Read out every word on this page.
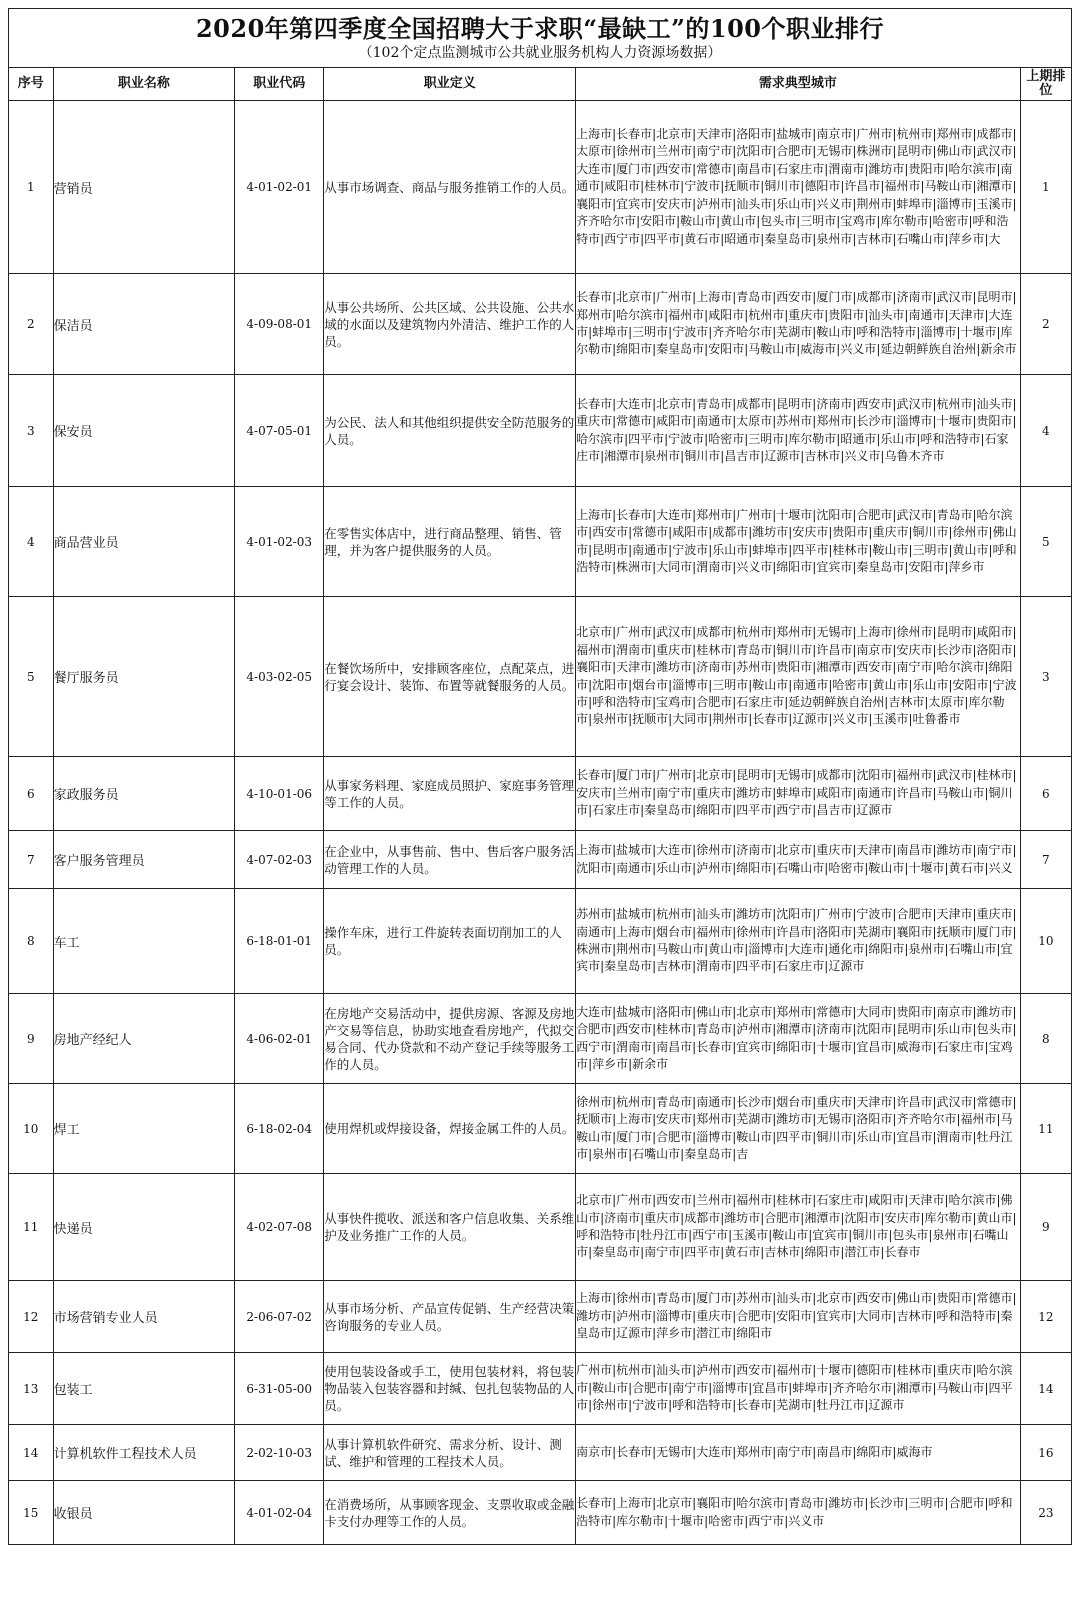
2020年第四季度全国招聘大于求职“最缺工”的100个职业排行
（102个定点监测城市公共就业服务机构人力资源场数据）					

序号	职业名称	职业代码	职业定义	需求典型城市	上期排位
1	营销员	4-01-02-01	从事市场调查、商品与服务推销工作的人员。	上海市|长春市|北京市|天津市|洛阳市|盐城市|南京市|广州市|杭州市|郑州市|成都市|太原市|徐州市|兰州市|南宁市|沈阳市|合肥市|无锡市|株洲市|昆明市|佛山市|武汉市|大连市|厦门市|西安市|常德市|南昌市|石家庄市|渭南市|潍坊市|贵阳市|哈尔滨市|南通市|咸阳市|桂林市|宁波市|抚顺市|铜川市|德阳市|许昌市|福州市|马鞍山市|湘潭市|襄阳市|宜宾市|安庆市|泸州市|汕头市|乐山市|兴义市|荆州市|蚌埠市|淄博市|玉溪市|齐齐哈尔市|安阳市|鞍山市|黄山市|包头市|三明市|宝鸡市|库尔勒市|哈密市|呼和浩特市|西宁市|四平市|黄石市|昭通市|秦皇岛市|泉州市|吉林市|石嘴山市|萍乡市|大	1
2	保洁员	4-09-08-01	从事公共场所、公共区域、公共设施、公共水域的水面以及建筑物内外清洁、维护工作的人员。	长春市|北京市|广州市|上海市|青岛市|西安市|厦门市|成都市|济南市|武汉市|昆明市|郑州市|哈尔滨市|福州市|咸阳市|杭州市|重庆市|贵阳市|汕头市|南通市|天津市|大连市|蚌埠市|三明市|宁波市|齐齐哈尔市|芜湖市|鞍山市|呼和浩特市|淄博市|十堰市|库尔勒市|绵阳市|秦皇岛市|安阳市|马鞍山市|威海市|兴义市|延边朝鲜族自治州|新余市	2
3	保安员	4-07-05-01	为公民、法人和其他组织提供安全防范服务的人员。	长春市|大连市|北京市|青岛市|成都市|昆明市|济南市|西安市|武汉市|杭州市|汕头市|重庆市|常德市|咸阳市|南通市|太原市|苏州市|郑州市|长沙市|淄博市|十堰市|贵阳市|哈尔滨市|四平市|宁波市|哈密市|三明市|库尔勒市|昭通市|乐山市|呼和浩特市|石家庄市|湘潭市|泉州市|铜川市|昌吉市|辽源市|吉林市|兴义市|乌鲁木齐市	4
4	商品营业员	4-01-02-03	在零售实体店中，进行商品整理、销售、管理，并为客户提供服务的人员。	上海市|长春市|大连市|郑州市|广州市|十堰市|沈阳市|合肥市|武汉市|青岛市|哈尔滨市|西安市|常德市|咸阳市|成都市|潍坊市|安庆市|贵阳市|重庆市|铜川市|徐州市|佛山市|昆明市|南通市|宁波市|乐山市|蚌埠市|四平市|桂林市|鞍山市|三明市|黄山市|呼和浩特市|株洲市|大同市|渭南市|兴义市|绵阳市|宜宾市|秦皇岛市|安阳市|萍乡市	5
5	餐厅服务员	4-03-02-05	在餐饮场所中，安排顾客座位，点配菜点，进行宴会设计、装饰、布置等就餐服务的人员。	北京市|广州市|武汉市|成都市|杭州市|郑州市|无锡市|上海市|徐州市|昆明市|咸阳市|福州市|渭南市|重庆市|桂林市|青岛市|铜川市|许昌市|南京市|安庆市|长沙市|洛阳市|襄阳市|天津市|潍坊市|济南市|苏州市|贵阳市|湘潭市|西安市|南宁市|哈尔滨市|绵阳市|沈阳市|烟台市|淄博市|三明市|鞍山市|南通市|哈密市|黄山市|乐山市|安阳市|宁波市|呼和浩特市|宝鸡市|合肥市|石家庄市|延边朝鲜族自治州|吉林市|太原市|库尔勒市|泉州市|抚顺市|大同市|荆州市|长春市|辽源市|兴义市|玉溪市|吐鲁番市	3
6	家政服务员	4-10-01-06	从事家务料理、家庭成员照护、家庭事务管理等工作的人员。	长春市|厦门市|广州市|北京市|昆明市|无锡市|成都市|沈阳市|福州市|武汉市|桂林市|安庆市|兰州市|南宁市|重庆市|潍坊市|蚌埠市|咸阳市|南通市|许昌市|马鞍山市|铜川市|石家庄市|秦皇岛市|绵阳市|四平市|西宁市|昌吉市|辽源市	6
7	客户服务管理员	4-07-02-03	在企业中，从事售前、售中、售后客户服务活动管理工作的人员。	上海市|盐城市|大连市|徐州市|济南市|北京市|重庆市|天津市|南昌市|潍坊市|南宁市|沈阳市|南通市|乐山市|泸州市|绵阳市|石嘴山市|哈密市|鞍山市|十堰市|黄石市|兴义	7
8	车工	6-18-01-01	操作车床，进行工件旋转表面切削加工的人员。	苏州市|盐城市|杭州市|汕头市|潍坊市|沈阳市|广州市|宁波市|合肥市|天津市|重庆市|南通市|上海市|烟台市|福州市|徐州市|许昌市|洛阳市|芜湖市|襄阳市|抚顺市|厦门市|株洲市|荆州市|马鞍山市|黄山市|淄博市|大连市|通化市|绵阳市|泉州市|石嘴山市|宜宾市|秦皇岛市|吉林市|渭南市|四平市|石家庄市|辽源市	10
9	房地产经纪人	4-06-02-01	在房地产交易活动中，提供房源、客源及房地产交易等信息，协助实地查看房地产，代拟交易合同、代办贷款和不动产登记手续等服务工作的人员。	大连市|盐城市|洛阳市|佛山市|北京市|郑州市|常德市|大同市|贵阳市|南京市|潍坊市|合肥市|西安市|桂林市|青岛市|泸州市|湘潭市|济南市|沈阳市|昆明市|乐山市|包头市|西宁市|渭南市|南昌市|长春市|宜宾市|绵阳市|十堰市|宜昌市|威海市|石家庄市|宝鸡市|萍乡市|新余市	8
10	焊工	6-18-02-04	使用焊机或焊接设备，焊接金属工件的人员。	徐州市|杭州市|青岛市|南通市|长沙市|烟台市|重庆市|天津市|许昌市|武汉市|常德市|抚顺市|上海市|安庆市|郑州市|芜湖市|潍坊市|无锡市|洛阳市|齐齐哈尔市|福州市|马鞍山市|厦门市|合肥市|淄博市|鞍山市|四平市|铜川市|乐山市|宜昌市|渭南市|牡丹江市|泉州市|石嘴山市|秦皇岛市|吉	11
11	快递员	4-02-07-08	从事快件揽收、派送和客户信息收集、关系维护及业务推广工作的人员。	北京市|广州市|西安市|兰州市|福州市|桂林市|石家庄市|咸阳市|天津市|哈尔滨市|佛山市|济南市|重庆市|成都市|潍坊市|合肥市|湘潭市|沈阳市|安庆市|库尔勒市|黄山市|呼和浩特市|牡丹江市|西宁市|玉溪市|鞍山市|宜宾市|铜川市|包头市|泉州市|石嘴山市|秦皇岛市|南宁市|四平市|黄石市|吉林市|绵阳市|潜江市|长春市	9
12	市场营销专业人员	2-06-07-02	从事市场分析、产品宣传促销、生产经营决策咨询服务的专业人员。	上海市|徐州市|青岛市|厦门市|苏州市|汕头市|北京市|西安市|佛山市|贵阳市|常德市|潍坊市|泸州市|淄博市|重庆市|合肥市|安阳市|宜宾市|大同市|吉林市|呼和浩特市|秦皇岛市|辽源市|萍乡市|潜江市|绵阳市	12
13	包装工	6-31-05-00	使用包装设备或手工，使用包装材料，将包装物品装入包装容器和封缄、包扎包装物品的人员。	广州市|杭州市|汕头市|泸州市|西安市|福州市|十堰市|德阳市|桂林市|重庆市|哈尔滨市|鞍山市|合肥市|南宁市|淄博市|宜昌市|蚌埠市|齐齐哈尔市|湘潭市|马鞍山市|四平市|徐州市|宁波市|呼和浩特市|长春市|芜湖市|牡丹江市|辽源市	14
14	计算机软件工程技术人员	2-02-10-03	从事计算机软件研究、需求分析、设计、测试、维护和管理的工程技术人员。	南京市|长春市|无锡市|大连市|郑州市|南宁市|南昌市|绵阳市|威海市	16
15	收银员	4-01-02-04	在消费场所，从事顾客现金、支票收取或金融卡支付办理等工作的人员。	长春市|上海市|北京市|襄阳市|哈尔滨市|青岛市|潍坊市|长沙市|三明市|合肥市|呼和浩特市|库尔勒市|十堰市|哈密市|西宁市|兴义市	23
